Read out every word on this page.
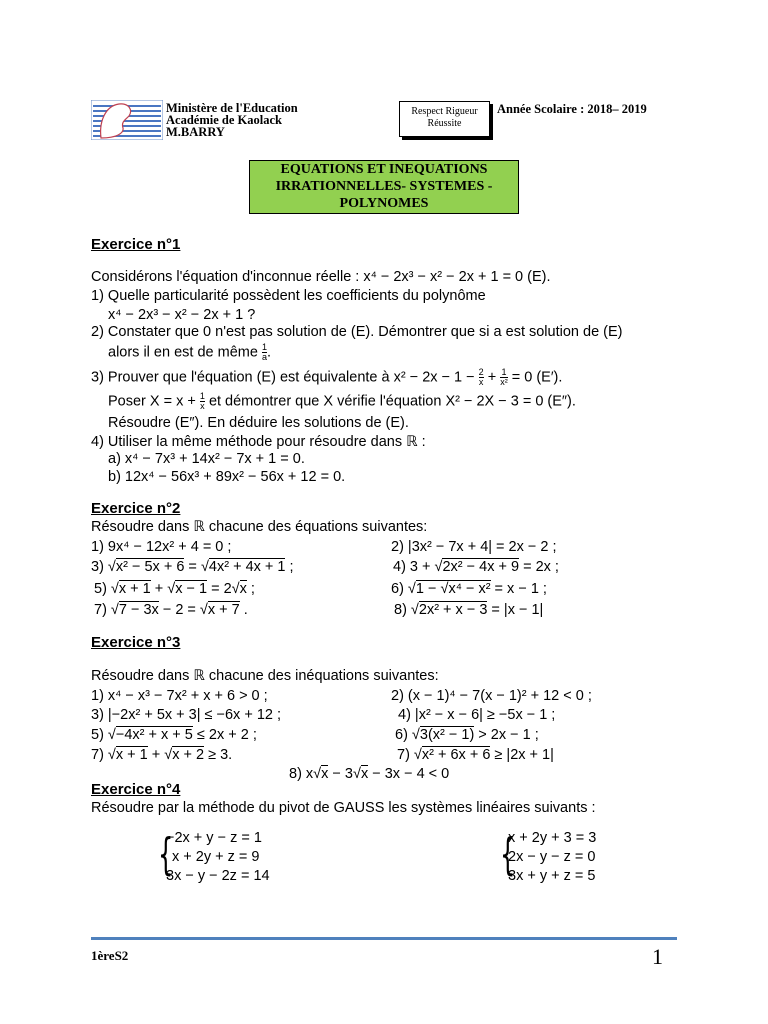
Ministère de l'Education
Académie de Kaolack
M.BARRY
Respect Rigueur
Réussite
Année Scolaire : 2018– 2019
EQUATIONS ET INEQUATIONS
IRRATIONNELLES- SYSTEMES -
POLYNOMES
Exercice n°1
Considérons l'équation d'inconnue réelle : x⁴ − 2x³ − x² − 2x + 1 = 0 (E).
1) Quelle particularité possèdent les coefficients du polynôme
x⁴ − 2x³ − x² − 2x + 1 ?
2) Constater que 0 n'est pas solution de (E). Démontrer que si a est solution de (E)
alors il en est de même $\frac{1}{a}$ .
3) Prouver que l'équation (E) est équivalente à $x^2 - 2x - 1 - \frac{2}{x} + \frac{1}{\text{x²}} = 0$ (E′).
Poser $X = x + \frac{1}{x}$ et démontrer que X vérifie l'équation X² − 2X − 3 = 0 (E″).
Résoudre (E″). En déduire les solutions de (E).
4) Utiliser la même méthode pour résoudre dans ℝ :
a) x⁴ − 7x³ + 14x² − 7x + 1 = 0.
b) 12x⁴ − 56x³ + 89x² − 56x + 12 = 0.
Exercice n°2
Résoudre dans ℝ chacune des équations suivantes:
1) 9x⁴ − 12x² + 4 = 0 ;	2) |3x² − 7x + 4| = 2x − 2 ;
3) √x² − 5x + 6 = √4x² + 4x + 1 ;	4) 3 + √2x² − 4x + 9 = 2x ;
5) √x + 1 + √x − 1 = 2√x ;	6) √1 − √x⁴ − x² = x − 1 ;
7) √7 − 3x − 2 = √x + 7 .	8) √2x² + x − 3 = |x − 1|
Exercice n°3
Résoudre dans ℝ chacune des inéquations suivantes:
1) x⁴ − x³ − 7x² + x + 6 > 0 ;	2) (x − 1)⁴ − 7(x − 1)² + 12 < 0 ;
3) |−2x² + 5x + 3| ≤ −6x + 12 ;	4) |x² − x − 6| ≥ −5x − 1 ;
5) √−4x² + x + 5 ≤ 2x + 2 ;	6) √3(x² − 1) > 2x − 1 ;
7) √x + 1 + √x + 2 ≥ 3.	7) √x² + 6x + 6 ≥ |2x + 1|
8) x√x − 3√x − 3x − 4 < 0
Exercice n°4
Résoudre par la méthode du pivot de GAUSS les systèmes linéaires suivants :
{
−2x + y − z = 1
x + 2y + z = 9
3x − y − 2z = 14	{
x + 2y + 3 = 3
2x − y − z = 0
3x + y + z = 5
1èreS2	1
